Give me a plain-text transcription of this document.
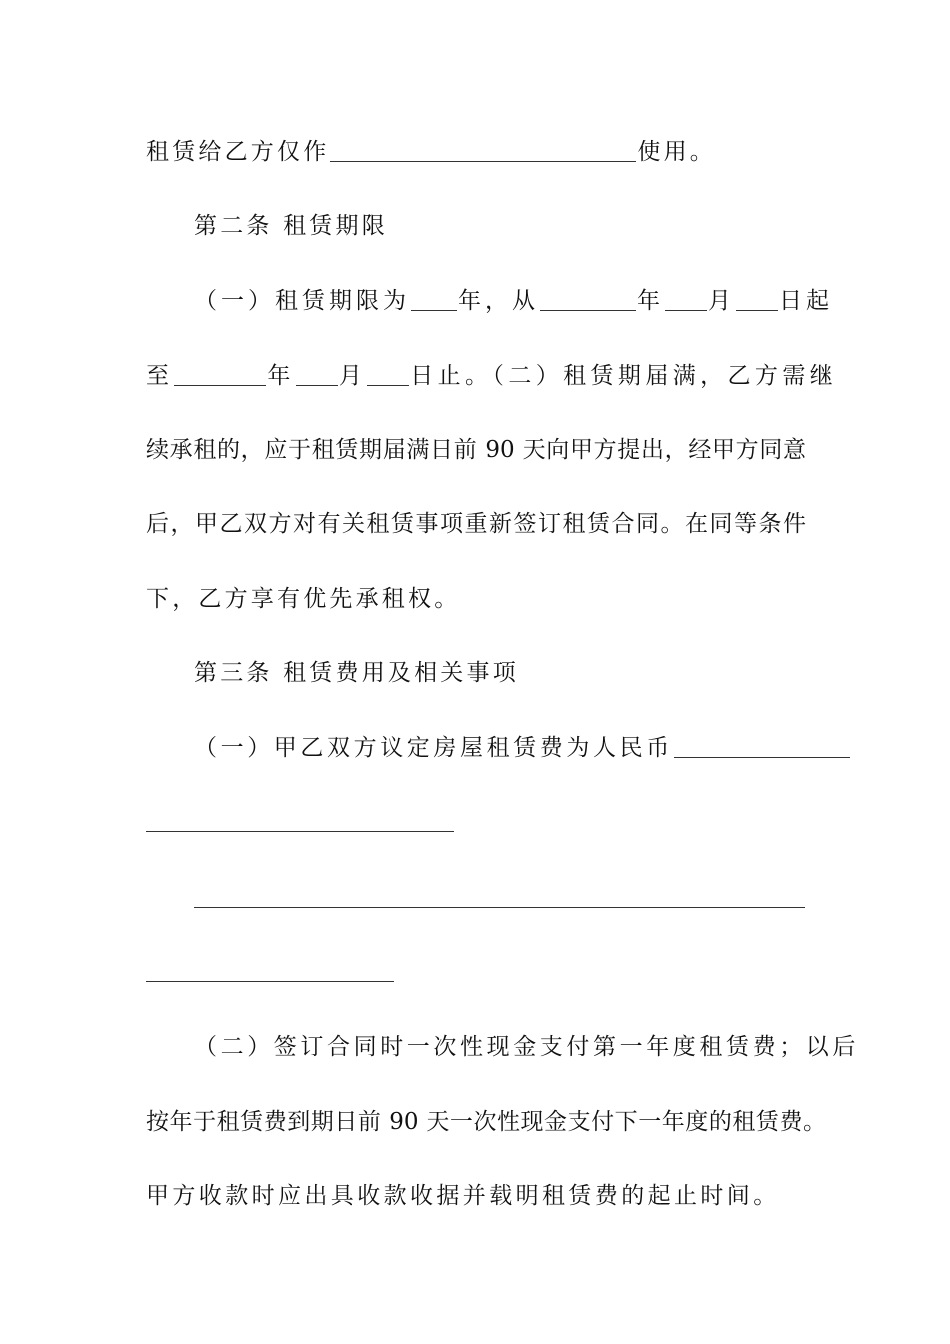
租赁给乙方仅作	使用。
第二条 租赁期限
（一）租赁期限为 年，从	年 月 日起
至	年 月 日止。（二）租赁期届满，乙方需继
续承租的，应于租赁期届满日前 90 天向甲方提出，经甲方同意
后，甲乙双方对有关租赁事项重新签订租赁合同。在同等条件
下，乙方享有优先承租权。
第三条 租赁费用及相关事项
（一）甲乙双方议定房屋租赁费为人民币
（二）签订合同时一次性现金支付第一年度租赁费；以后
按年于租赁费到期日前 90 天一次性现金支付下一年度的租赁费。
甲方收款时应出具收款收据并载明租赁费的起止时间。
